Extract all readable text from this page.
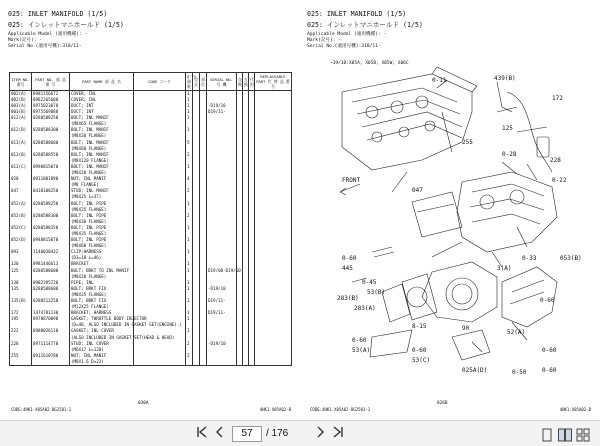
025: INLET MANIFOLD (1/5)
025: インレットマニホールド (1/5)
Applicable Model (適用機種): -
Mark(記号): -
Serial No.(適用号機):318/11-
ITEM NO. 番号	PART NO. 部 品 番 号	PART NAME 部 品 名	CODE コード	Q'TY 個数	型式	部位	SERIAL NO. 号 機	交換	互換	代用	REPLACEABLE PART 代 替 品 番 号
002(A)	8981156672	COVER; INL		1							
002(B)	8982265680	COVER; INL		1							
003(A)	8975023070	DUCT; INT		1			-D19/10				
003(B)	8975569880	DUCT; INT		1			D19/11-				
012(A)	0280588250	BOLT; INL MANIF		1							
		(M8X65 FLANGE)									
012(B)	0280588300	BOLT; INL MANIF		1							
		(M8X20 FLANGE)									
013(A)	0280588600	BOLT; INL MANIF		5							
		(M8X60 FLANGE)									
013(B)	0280588550	BOLT; INL MANIF		2							
		(M8X120 FLANGE)									
013(C)	0990815070	BOLT; INL MANIF		1							
		(M8X20 FLANGE)									
028	0911801890	NUT; INL MANIF		4							
		(M8 FLANGE)									
047	0410108250	STUD; INL MANIF		2							
		(M8X25 L=37)									
052(A)	0280588250	BOLT; INL PIPE		1							
		(M8X25 FLANGE)									
052(B)	0280588300	BOLT; INL PIPE		2							
		(M8X30 FLANGE)									
052(C)	0280588350	BOLT; INL PIPE		1							
		(M8X35 FLANGE)									
052(D)	0940815070	BOLT; INL PIPE		1							
		(M8X60 FLANGE)									
093	1140030432	CLIP;HARNESS		1							
		(D3=18 L=46)									
120	8981446613	BRACKET		1							
125	0280588600	BOLT; BRKT TO INL MANIF		1			D19/08-D19/10				
		(M8X20 FLANGE)									
130	8982395720	PIPE; INL		1							
135	0280588600	BOLT; BRKT FIX		1			-D19/10				
		(M8X35 FLANGE)									
135(B)	0280512250	BOLT; BRKT FIX		1			D19/11-				
		(M12X25 FLANGE)									
172	1474781130	BRACKET; HARNESS		1			D19/11-				
195	8970870090	GASKET; THROTTLE BODY INJECTOR		1							
		(D=48, ALSO INCLUDED IN GASKET SET(ENGINE).)									
222	8980026110	GASKET; INL COVER		1							
		(ALSO INCLUDED IN GASKET SET(HEAD & HEAD)									
228	8971114770	STUD; INL COVER		2			-D19/10				
		(M6X17 L=120)									
255	0911610780	NUT; INL MANIF		2							
		(M8X1.6 D=22)									
030A
CODE:4HK1-X05A02-BG2501-1	4HK1-X05A02-B
025: INLET MANIFOLD (1/5)
025: インレットマニホールド (1/5)
Applicable Model (適用機種): -
Mark(記号): -
Serial No.(適用号機):318/11-
~19/10:X05A, X05B, X05W, X06C
0-11	439(B)
255
0-28
172
125
228
0-22
FRONT
047
0-60
445
0-45
283(B)
53(B)
283(A)
053(B)
0-33
3(A)
0-60
8-15	90
0-60
53(A)
52(A)
0-60
53(C)
025A(D)
0-60
0-50	0-60
026B
CODE:4HK1-X05A02-BG2501-1	4HK1-X05A02-B
57	/ 176
